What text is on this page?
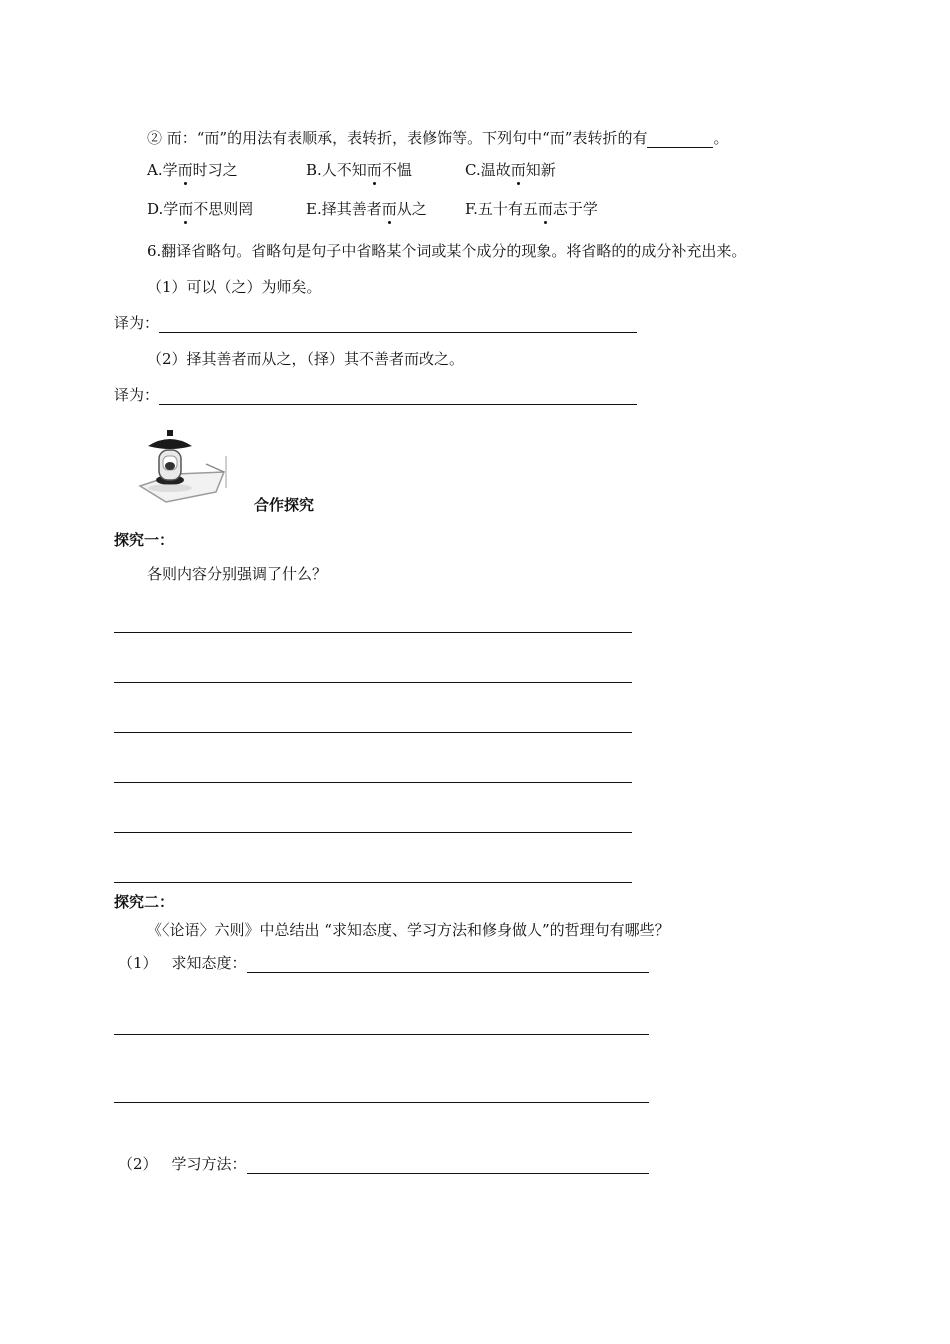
② 而：“而”的用法有表顺承，表转折，表修饰等。下列句中“而”表转折的有	。
A.学而时习之	B.人不知而不愠	C.温故而知新
D.学而不思则罔	E.择其善者而从之	F.五十有五而志于学
6.翻译省略句。省略句是句子中省略某个词或某个成分的现象。将省略的的成分补充出来。
（1）可以（之）为师矣。
译为：
（2）择其善者而从之，（择）其不善者而改之。
译为：
合作探究
探究一：
各则内容分别强调了什么？
探究二：
《〈论语〉六则》中总结出 “求知态度、学习方法和修身做人”的哲理句有哪些？
（1） 求知态度：
（2） 学习方法：
